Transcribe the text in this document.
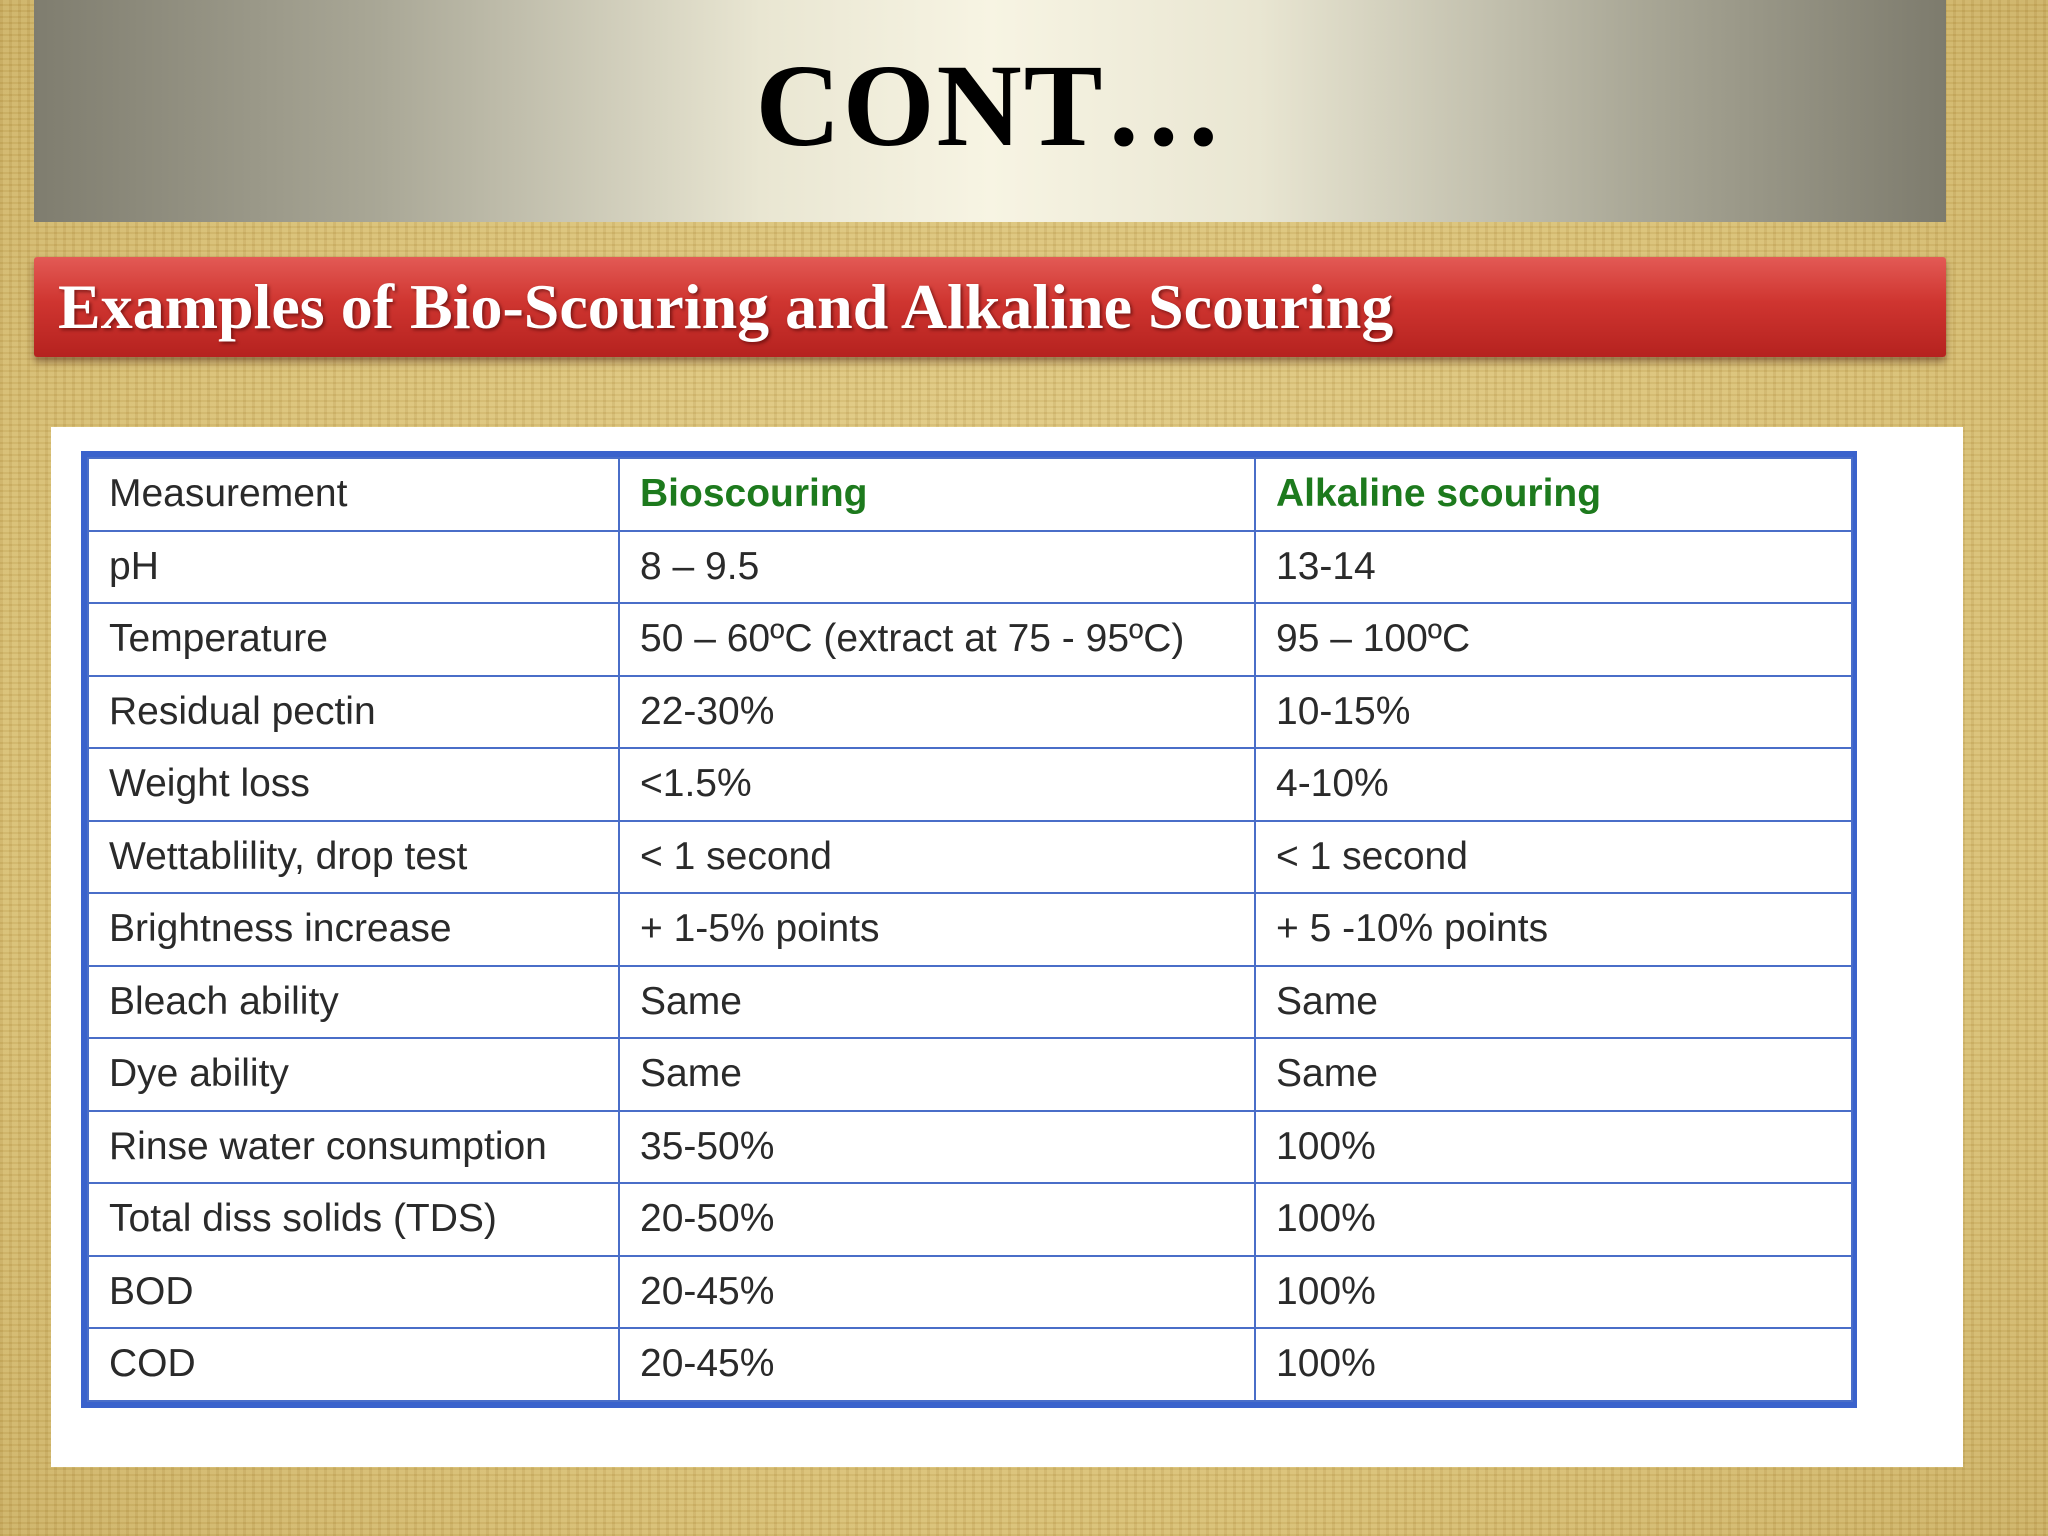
CONT…
Examples of Bio-Scouring and Alkaline Scouring
Measurement	Bioscouring	Alkaline scouring
pH	8 – 9.5	13-14
Temperature	50 – 60ºC (extract at 75 - 95ºC)	95 – 100ºC
Residual pectin	22-30%	10-15%
Weight loss	<1.5%	4-10%
Wettablility, drop test	< 1 second	< 1 second
Brightness increase	+ 1-5% points	+ 5 -10% points
Bleach ability	Same	Same
Dye ability	Same	Same
Rinse water consumption	35-50%	100%
Total diss solids (TDS)	20-50%	100%
BOD	20-45%	100%
COD	20-45%	100%
